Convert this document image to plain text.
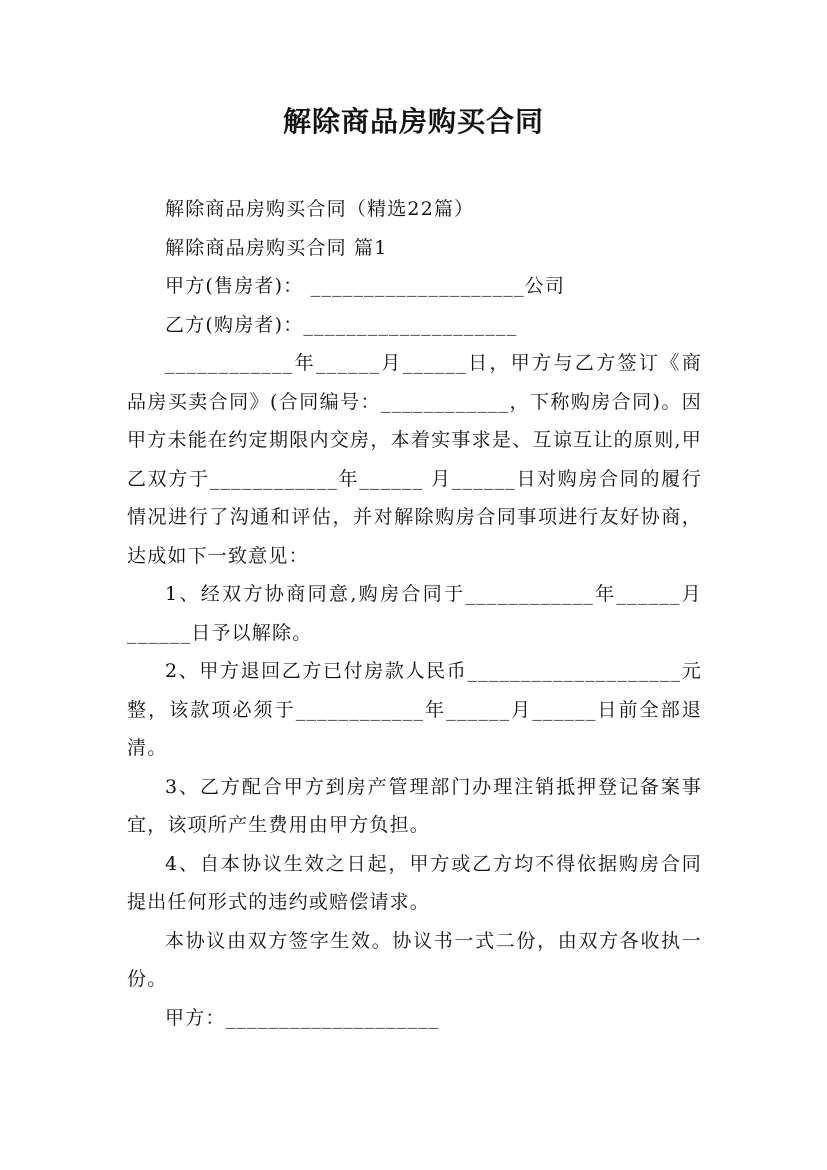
解除商品房购买合同

解除商品房购买合同（精选22篇）

解除商品房购买合同 篇1

甲方(售房者)： ____________________公司

乙方(购房者)：____________________

____________年______月______日，甲方与乙方签订《商品房买卖合同》(合同编号：____________，下称购房合同)。因甲方未能在约定期限内交房，本着实事求是、互谅互让的原则,甲乙双方于____________年______ 月______日对购房合同的履行情况进行了沟通和评估，并对解除购房合同事项进行友好协商，达成如下一致意见：

1、经双方协商同意,购房合同于____________年______月______日予以解除。

2、甲方退回乙方已付房款人民币____________________元整，该款项必须于____________年______月______日前全部退清。

3、乙方配合甲方到房产管理部门办理注销抵押登记备案事宜，该项所产生费用由甲方负担。

4、自本协议生效之日起，甲方或乙方均不得依据购房合同提出任何形式的违约或赔偿请求。

本协议由双方签字生效。协议书一式二份，由双方各收执一份。

甲方：____________________
